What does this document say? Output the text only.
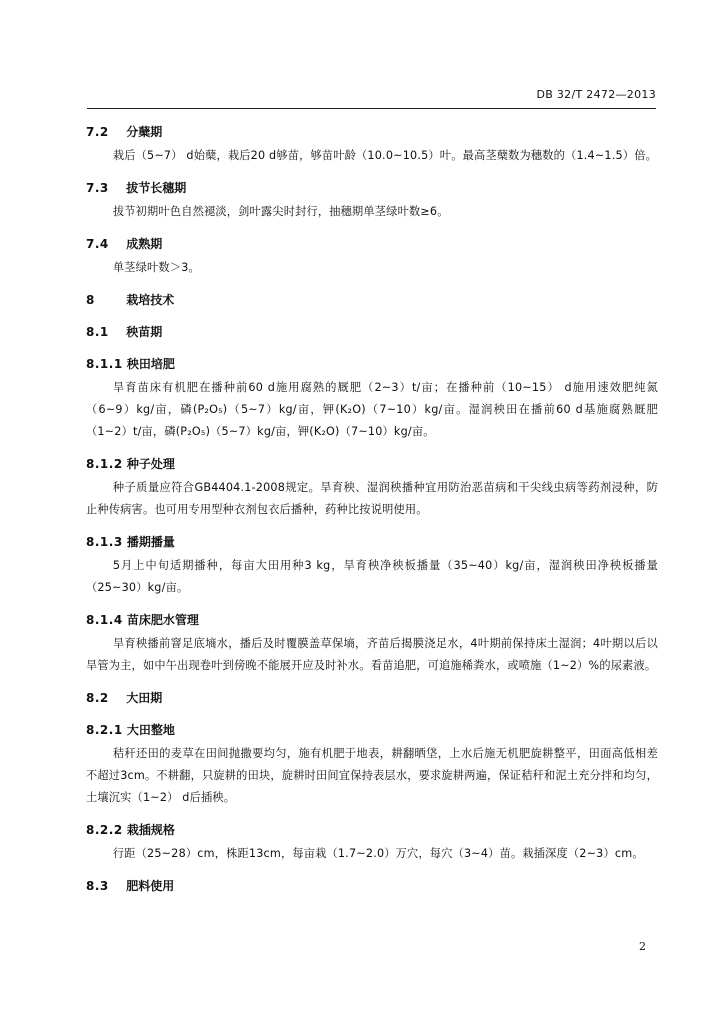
DB 32/T 2472—2013
7.2 分蘖期

栽后（5~7） d始蘖，栽后20 d够苗，够苗叶龄（10.0~10.5）叶。最高茎蘖数为穗数的（1.4~1.5）倍。

7.3 拔节长穗期

拔节初期叶色自然褪淡，剑叶露尖时封行，抽穗期单茎绿叶数≥6。

7.4 成熟期

单茎绿叶数＞3。

8	栽培技术
8.1 秧苗期
8.1.1 秧田培肥

旱育苗床有机肥在播种前60 d施用腐熟的厩肥（2~3）t/亩；在播种前（10~15） d施用速效肥纯氮（6~9）kg/亩，磷(P₂O₅)（5~7）kg/亩，钾(K₂O)（7~10）kg/亩。湿润秧田在播前60 d基施腐熟厩肥（1~2）t/亩，磷(P₂O₅)（5~7）kg/亩，钾(K₂O)（7~10）kg/亩。

8.1.2 种子处理

种子质量应符合GB4404.1-2008规定。旱育秧、湿润秧播种宜用防治恶苗病和干尖线虫病等药剂浸种，防止种传病害。也可用专用型种衣剂包衣后播种，药种比按说明使用。

8.1.3 播期播量

5月上中旬适期播种，每亩大田用种3 kg，旱育秧净秧板播量（35~40）kg/亩，湿润秧田净秧板播量（25~30）kg/亩。

8.1.4 苗床肥水管理

旱育秧播前窨足底墒水，播后及时覆膜盖草保墒，齐苗后揭膜浇足水，4叶期前保持床土湿润；4叶期以后以旱管为主，如中午出现卷叶到傍晚不能展开应及时补水。看苗追肥，可追施稀粪水，或喷施（1~2）%的尿素液。

8.2 大田期
8.2.1 大田整地

秸秆还田的麦草在田间抛撒要均匀，施有机肥于地表，耕翻晒垡，上水后施无机肥旋耕整平，田面高低相差不超过3cm。不耕翻，只旋耕的田块，旋耕时田间宜保持表层水，要求旋耕两遍，保证秸秆和泥土充分拌和均匀，土壤沉实（1~2） d后插秧。

8.2.2 栽插规格

行距（25~28）cm，株距13cm，每亩栽（1.7~2.0）万穴，每穴（3~4）苗。栽插深度（2~3）cm。

8.3 肥料使用
2
